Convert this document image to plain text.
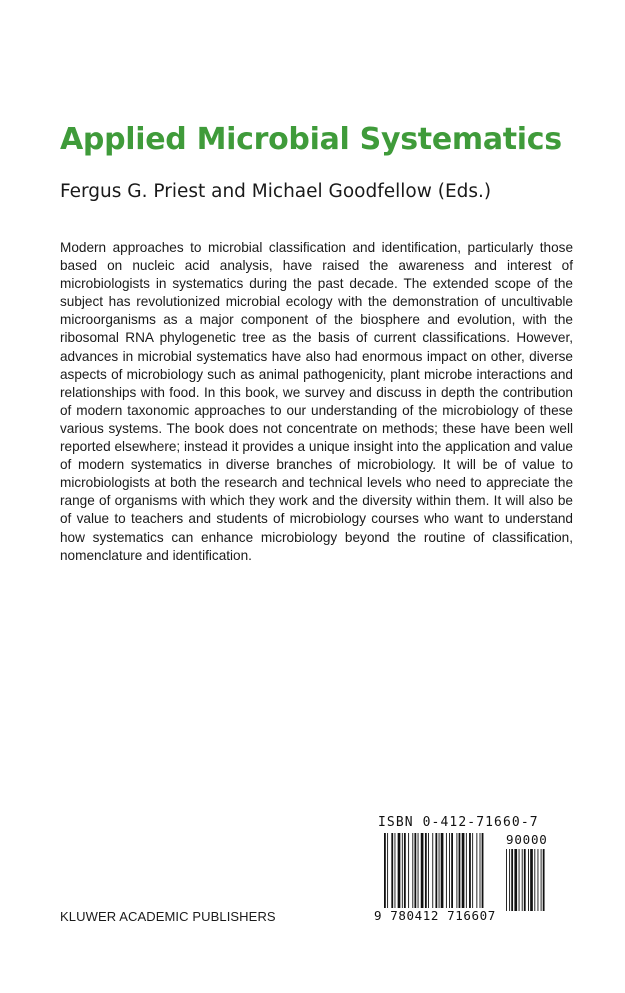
Applied Microbial Systematics

Fergus G. Priest and Michael Goodfellow (Eds.)

Modern approaches to microbial classification and identification, particularly those based on nucleic acid analysis, have raised the awareness and interest of microbiologists in systematics during the past decade. The extended scope of the subject has revolutionized microbial ecology with the demonstration of uncultivable microorganisms as a major component of the biosphere and evolution, with the ribosomal RNA phylogenetic tree as the basis of current classifications. However, advances in microbial systematics have also had enormous impact on other, diverse aspects of microbiology such as animal pathogenicity, plant microbe interactions and relationships with food. In this book, we survey and discuss in depth the contribution of modern taxonomic approaches to our understanding of the microbiology of these various systems. The book does not concentrate on methods; these have been well reported elsewhere; instead it provides a unique insight into the application and value of modern systematics in diverse branches of microbiology. It will be of value to microbiologists at both the research and technical levels who need to appreciate the range of organisms with which they work and the diversity within them. It will also be of value to teachers and students of microbiology courses who want to understand how systematics can enhance microbiology beyond the routine of classification, nomenclature and identification.

KLUWER ACADEMIC PUBLISHERS

ISBN 0-412-71660-7
90000
9 780412 716607
